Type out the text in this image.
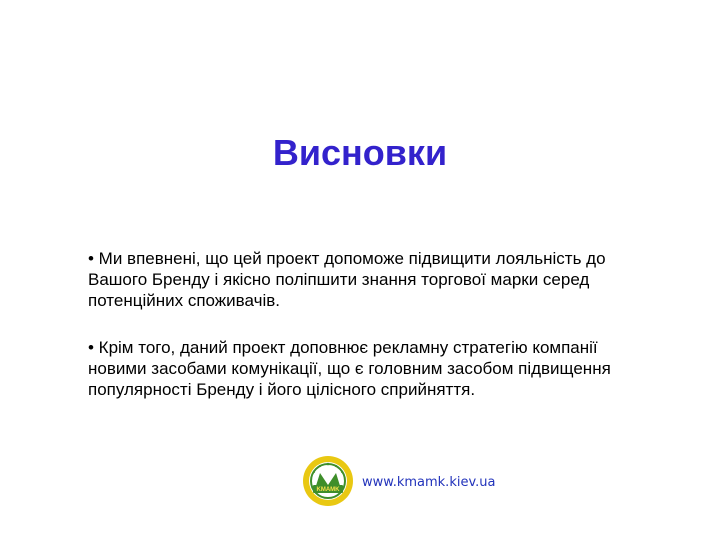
Висновки

• Ми впевнені, що цей проект допоможе підвищити лояльність до Вашого Бренду і якісно поліпшити знання торгової марки серед потенційних споживачів.

• Крім того, даний проект доповнює рекламну стратегію компанії новими засобами комунікації, що є головним засобом підвищення популярності Бренду і його цілісного сприйняття.

KMAMK
www.kmamk.kiev.ua
